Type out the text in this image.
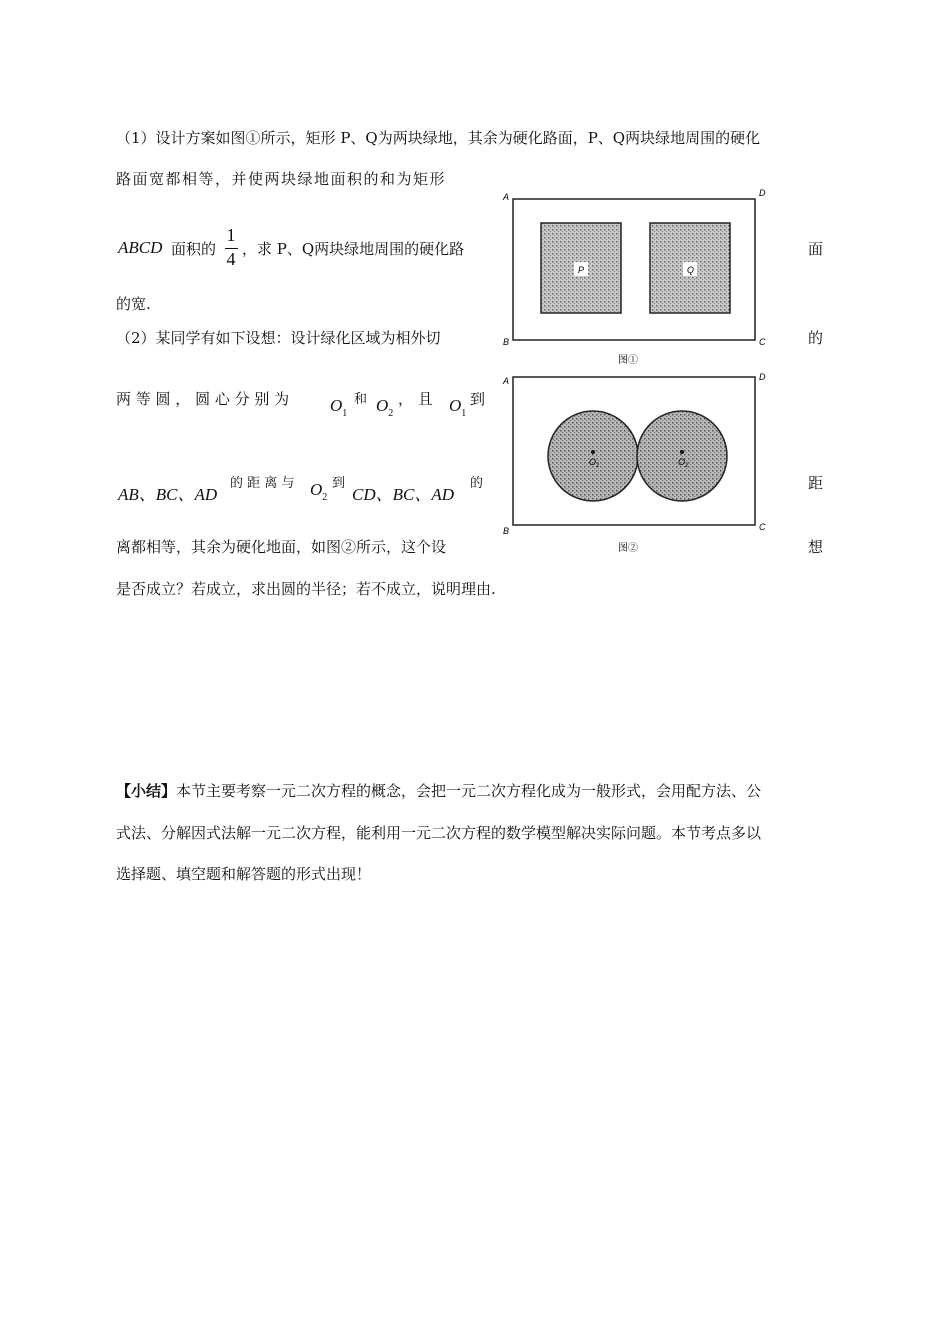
（1）设计方案如图①所示，矩形 P、Q为两块绿地，其余为硬化路面，P、Q两块绿地周围的硬化
路面宽都相等，并使两块绿地面积的和为矩形
ABCD 面积的
1
4 ，求 P、Q两块绿地周围的硬化路	面
的宽.
（2）某同学有如下设想：设计绿化区域为相外切	的
两 等 圆 ， 圆 心 分 别 为 $O_1$
和 $O_2$
， 且 $O_1$
到
AB、BC、AD
的 距 离 与 $O_2$
到
CD、BC、AD
的	距
离都相等，其余为硬化地面，如图②所示，这个设	想
是否成立？若成立，求出圆的半径；若不成立，说明理由.
P	Q
A	D
B	C
图①
$O_1$	$O_2$
A	D
B	C
图②
【小结】本节主要考察一元二次方程的概念，会把一元二次方程化成为一般形式，会用配方法、公
式法、分解因式法解一元二次方程，能利用一元二次方程的数学模型解决实际问题。本节考点多以
选择题、填空题和解答题的形式出现！
